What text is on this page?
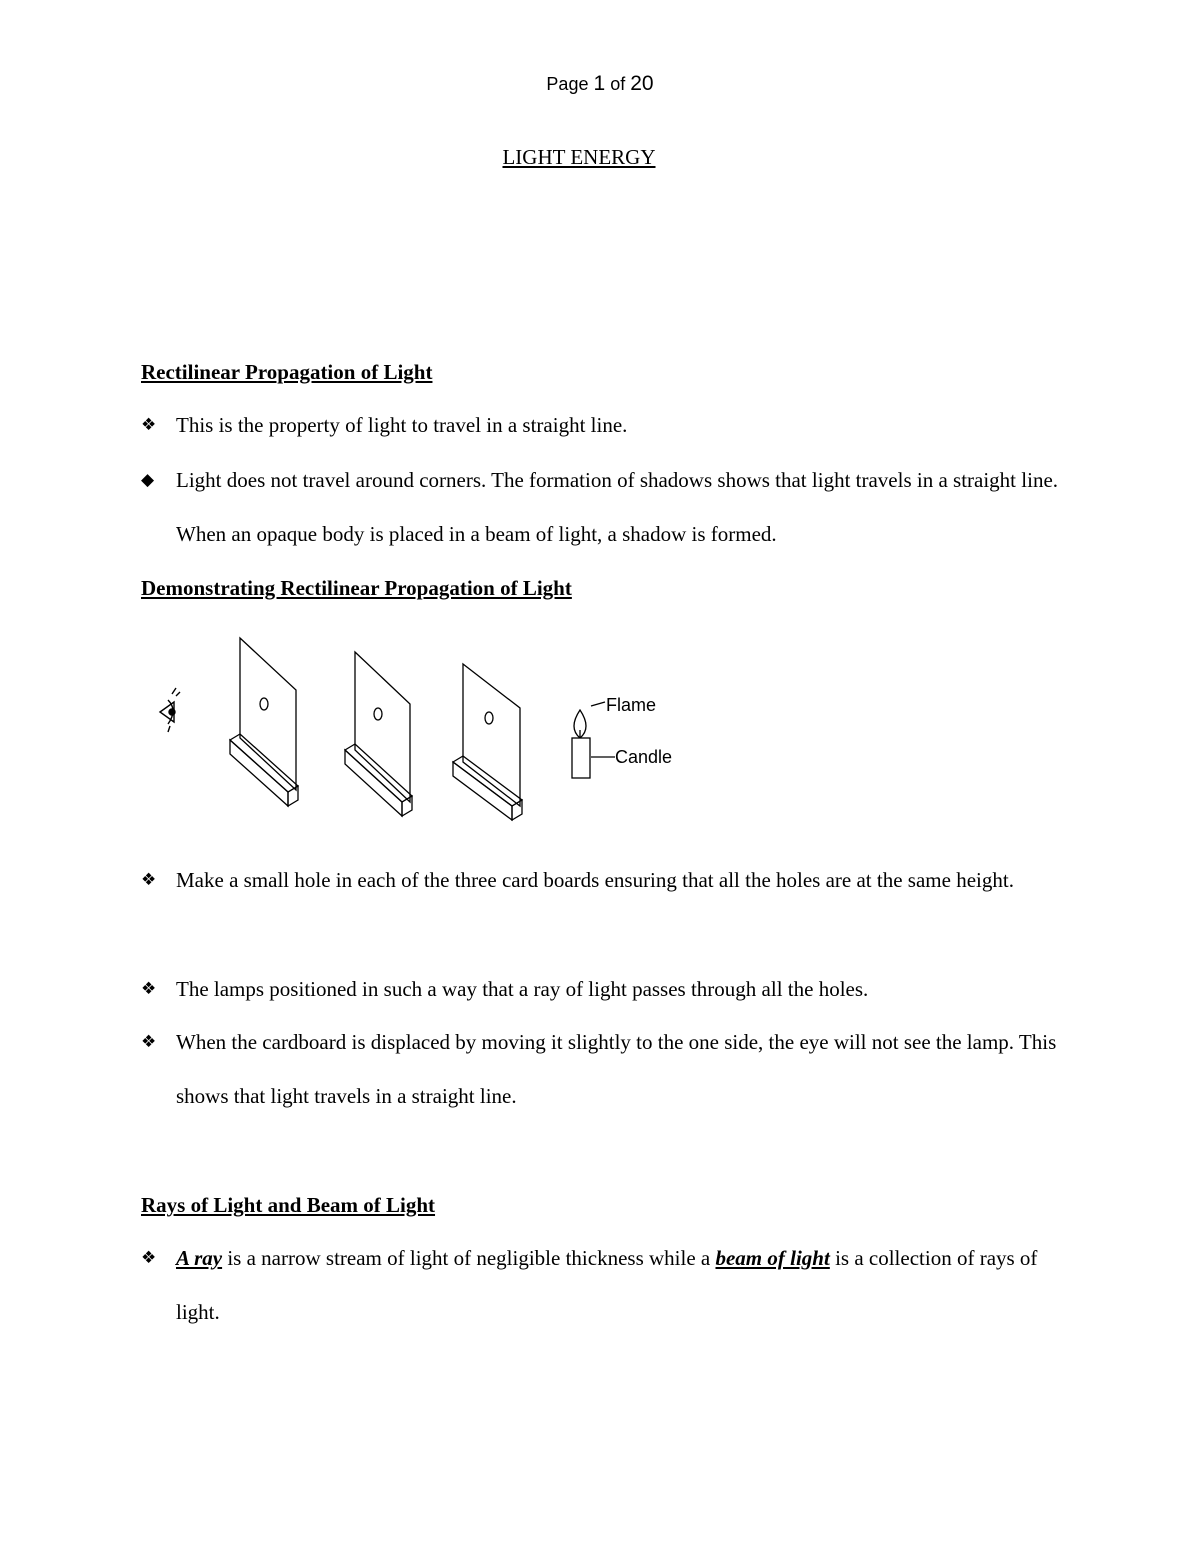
Page 1 of 20
LIGHT ENERGY
Rectilinear Propagation of Light
❖ This is the property of light to travel in a straight line.
◆	Light does not travel around corners. The formation of shadows shows that light travels in a straight line. When an opaque body is placed in a beam of light, a shadow is formed.
Demonstrating Rectilinear Propagation of Light
Flame
Candle
❖ Make a small hole in each of the three card boards ensuring that all the holes are at the same height.
❖ The lamps positioned in such a way that a ray of light passes through all the holes.
❖ When the cardboard is displaced by moving it slightly to the one side, the eye will not see the lamp. This shows that light travels in a straight line.
Rays of Light and Beam of Light
❖ A ray is a narrow stream of light of negligible thickness while a beam of light is a collection of rays of light.
